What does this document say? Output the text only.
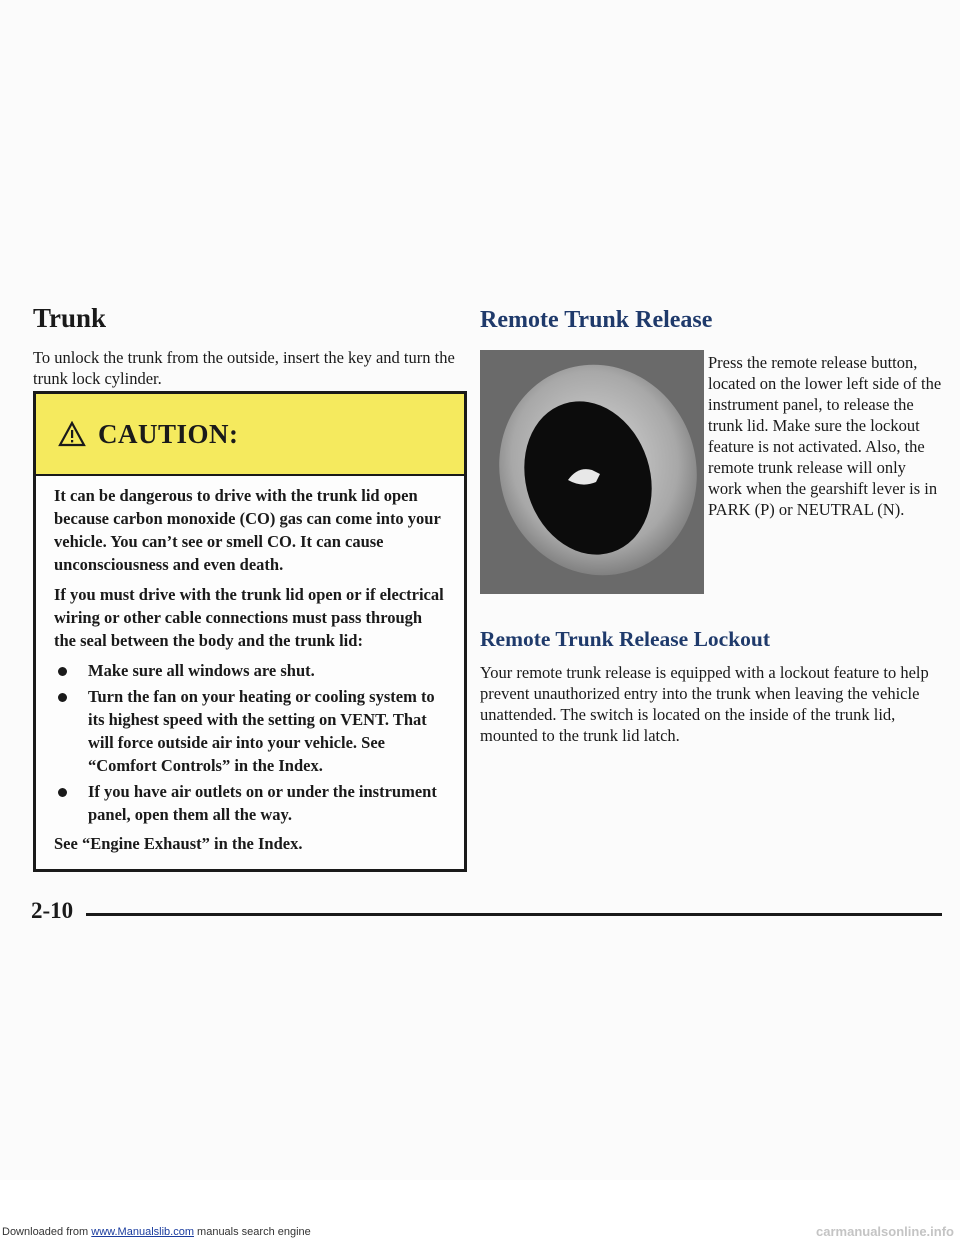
Trunk

To unlock the trunk from the outside, insert the key and turn the trunk lock cylinder.

CAUTION:

It can be dangerous to drive with the trunk lid open because carbon monoxide (CO) gas can come into your vehicle. You can’t see or smell CO. It can cause unconsciousness and even death.

If you must drive with the trunk lid open or if electrical wiring or other cable connections must pass through the seal between the body and the trunk lid:

Make sure all windows are shut.
Turn the fan on your heating or cooling system to its highest speed with the setting on VENT. That will force outside air into your vehicle. See “Comfort Controls” in the Index.
If you have air outlets on or under the instrument panel, open them all the way.

See “Engine Exhaust” in the Index.

Remote Trunk Release

Press the remote release button, located on the lower left side of the instrument panel, to release the trunk lid. Make sure the lockout feature is not activated. Also, the remote trunk release will only work when the gearshift lever is in PARK (P) or NEUTRAL (N).

Remote Trunk Release Lockout

Your remote trunk release is equipped with a lockout feature to help prevent unauthorized entry into the trunk when leaving the vehicle unattended. The switch is located on the inside of the trunk lid, mounted to the trunk lid latch.

2-10
Downloaded from www.Manualslib.com manuals search engine	carmanualsonline.info
